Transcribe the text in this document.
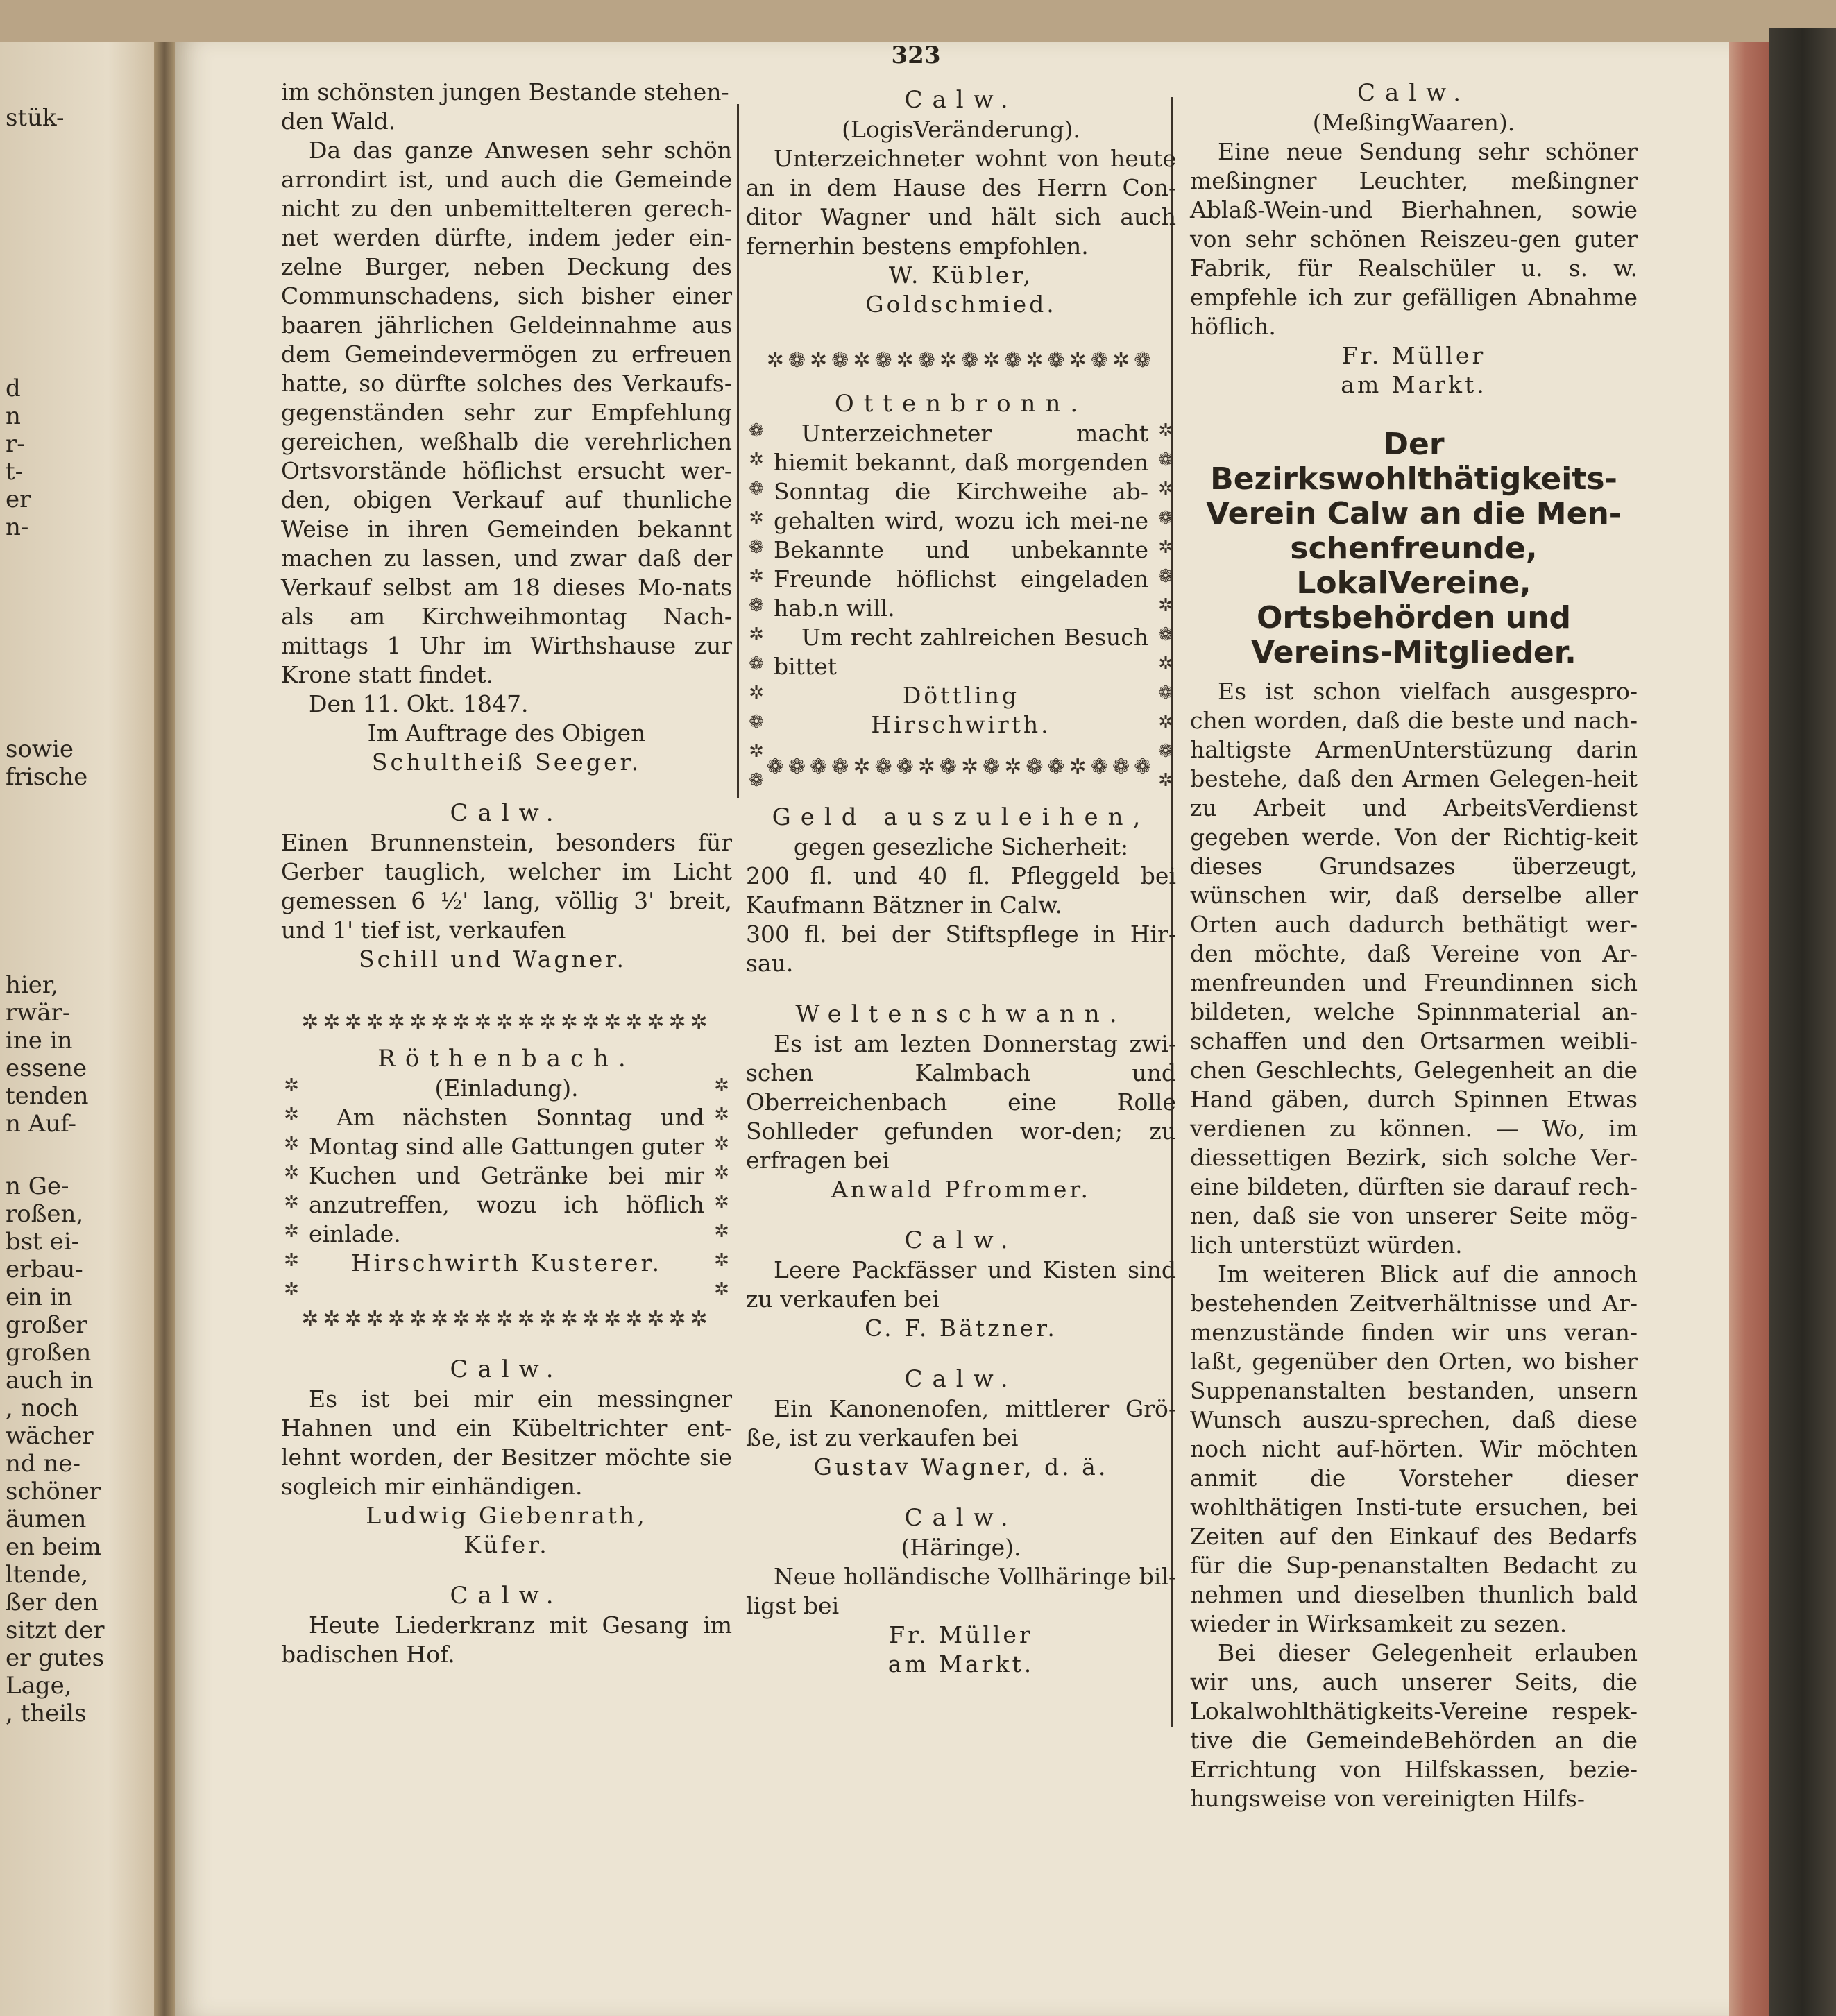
stük-
d
n
r-
t-
er
n-
sowie
frische
hier,
rwär-
ine in
essene
tenden
n Auf-
n Ge-
roßen,
bst ei-
erbau-
ein in
großer
großen
auch in
, noch
wächer
nd ne-
schöner
äumen
en beim
ltende,
ßer den
sitzt der
er gutes
Lage,
, theils
323

im schönsten jungen Bestande stehen-

den Wald.

Da das ganze Anwesen sehr schön arrondirt ist, und auch die Gemeinde nicht zu den unbemittelteren gerech-net werden dürfte, indem jeder ein-zelne Burger, neben Deckung des Communschadens, sich bisher einer baaren jährlichen Geldeinnahme aus dem Gemeindevermögen zu erfreuen hatte, so dürfte solches des Verkaufs-gegenständen sehr zur Empfehlung gereichen, weßhalb die verehrlichen Ortsvorstände höflichst ersucht wer-den, obigen Verkauf auf thunliche Weise in ihren Gemeinden bekannt machen zu lassen, und zwar daß der Verkauf selbst am 18 dieses Mo-nats als am Kirchweihmontag Nach-mittags 1 Uhr im Wirthshause zur Krone statt findet.

Den 11. Okt. 1847.

Im Auftrage des Obigen
Schultheiß Seeger.
Calw.

Einen Brunnenstein, besonders für Gerber tauglich, welcher im Licht gemessen 6 ½' lang, völlig 3' breit, und 1' tief ist, verkaufen

Schill und Wagner.
✲✲✲✲✲✲✲✲✲✲✲✲✲✲✲✲✲✲✲
✲
✲
✲
✲
✲
✲
✲
✲
✲
✲
✲
✲
✲
✲
✲
✲
Röthenbach.
(Einladung).

Am nächsten Sonntag und Montag sind alle Gattungen guter Kuchen und Getränke bei mir anzutreffen, wozu ich höflich einlade.

Hirschwirth Kusterer.
✲✲✲✲✲✲✲✲✲✲✲✲✲✲✲✲✲✲✲
Calw.

Es ist bei mir ein messingner Hahnen und ein Kübeltrichter ent-lehnt worden, der Besitzer möchte sie sogleich mir einhändigen.

Ludwig Giebenrath,
Küfer.
Calw.

Heute Liederkranz mit Gesang im badischen Hof.

Calw.
(LogisVeränderung).

Unterzeichneter wohnt von heute an in dem Hause des Herrn Con-ditor Wagner und hält sich auch fernerhin bestens empfohlen.

W. Kübler,
Goldschmied.
✲❁✲❁✲❁✲❁✲❁✲❁✲❁✲❁✲❁
❁
✲
❁
✲
❁
✲
❁
✲
❁
✲
❁
✲
❁
✲
❁
✲
❁
✲
❁
✲
❁
✲
❁
✲
❁
✲
Ottenbronn.

Unterzeichneter macht hiemit bekannt, daß morgenden Sonntag die Kirchweihe ab-gehalten wird, wozu ich mei-ne Bekannte und unbekannte Freunde höflichst eingeladen hab.n will.

Um recht zahlreichen Besuch bittet

Döttling
Hirschwirth.
❁❁❁❁✲❁❁✲❁✲❁✲❁❁✲❁❁❁
Geld auszuleihen,
gegen gesezliche Sicherheit:

200 fl. und 40 fl. Pfleggeld bei Kaufmann Bätzner in Calw.

300 fl. bei der Stiftspflege in Hir-sau.

Weltenschwann.

Es ist am lezten Donnerstag zwi-schen Kalmbach und Oberreichenbach eine Rolle Sohlleder gefunden wor-den; zu erfragen bei

Anwald Pfrommer.
Calw.

Leere Packfässer und Kisten sind zu verkaufen bei

C. F. Bätzner.
Calw.

Ein Kanonenofen, mittlerer Grö-ße, ist zu verkaufen bei

Gustav Wagner, d. ä.
Calw.
(Häringe).

Neue holländische Vollhäringe bil-ligst bei

Fr. Müller
am Markt.
Calw.
(MeßingWaaren).

Eine neue Sendung sehr schöner meßingner Leuchter, meßingner Ablaß-Wein-und Bierhahnen, sowie von sehr schönen Reiszeu-gen guter Fabrik, für Realschüler u. s. w. empfehle ich zur gefälligen Abnahme höflich.

Fr. Müller
am Markt.
Der Bezirkswohlthätigkeits-Verein Calw an die Men-schenfreunde, LokalVereine, Ortsbehörden und Vereins-Mitglieder.

Es ist schon vielfach ausgespro-chen worden, daß die beste und nach-haltigste ArmenUnterstüzung darin bestehe, daß den Armen Gelegen-heit zu Arbeit und ArbeitsVerdienst gegeben werde. Von der Richtig-keit dieses Grundsazes überzeugt, wünschen wir, daß derselbe aller Orten auch dadurch bethätigt wer-den möchte, daß Vereine von Ar-menfreunden und Freundinnen sich bildeten, welche Spinnmaterial an-schaffen und den Ortsarmen weibli-chen Geschlechts, Gelegenheit an die Hand gäben, durch Spinnen Etwas verdienen zu können. — Wo, im diessettigen Bezirk, sich solche Ver-eine bildeten, dürften sie darauf rech-nen, daß sie von unserer Seite mög-lich unterstüzt würden.

Im weiteren Blick auf die annoch bestehenden Zeitverhältnisse und Ar-menzustände finden wir uns veran-laßt, gegenüber den Orten, wo bisher Suppenanstalten bestanden, unsern Wunsch auszu-sprechen, daß diese noch nicht auf-hörten. Wir möchten anmit die Vorsteher dieser wohlthätigen Insti-tute ersuchen, bei Zeiten auf den Einkauf des Bedarfs für die Sup-penanstalten Bedacht zu nehmen und dieselben thunlich bald wieder in Wirksamkeit zu sezen.

Bei dieser Gelegenheit erlauben wir uns, auch unserer Seits, die Lokalwohlthätigkeits-Vereine respek-tive die GemeindeBehörden an die Errichtung von Hilfskassen, bezie-hungsweise von vereinigten Hilfs-
